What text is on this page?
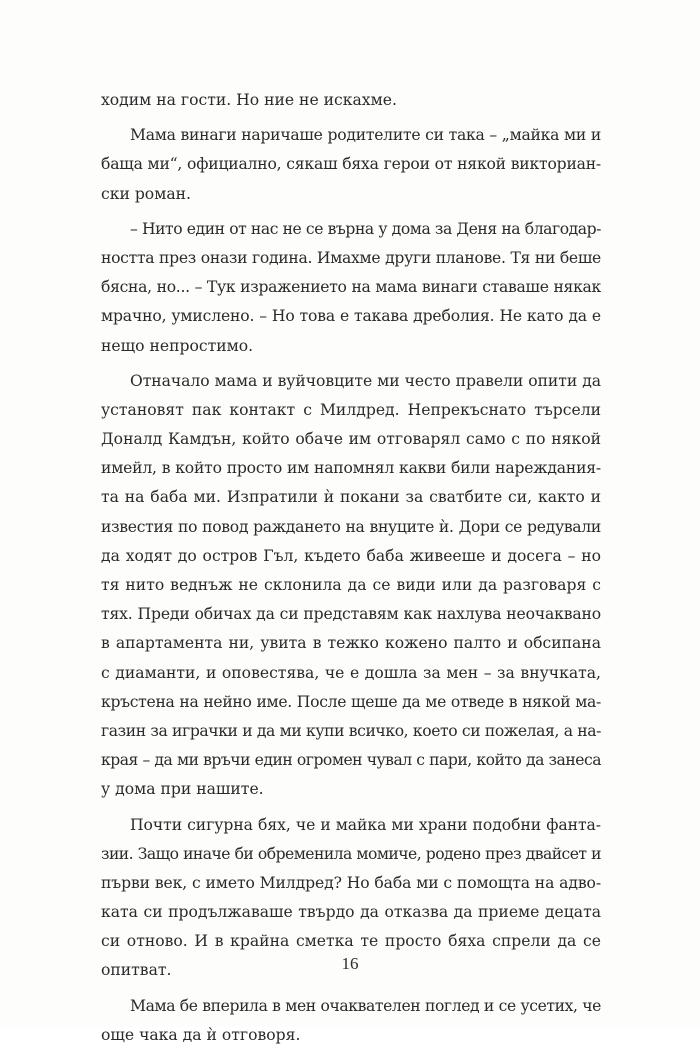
ходим на гости. Но ние не искахме.
Мама винаги наричаше родителите си така – „майка ми и
баща ми“, официално, сякаш бяха герои от някой викториан-
ски роман.
– Нито един от нас не се върна у дома за Деня на благодар-
ността през онази година. Имахме други планове. Тя ни беше
бясна, но... – Тук изражението на мама винаги ставаше някак
мрачно, умислено. – Но това е такава дреболия. Не като да е
нещо непростимо.
Отначало мама и вуйчовците ми често правели опити да
установят пак контакт с Милдред. Непрекъснато търсели
Доналд Камдън, който обаче им отговарял само с по някой
имейл, в който просто им напомнял какви били нареждания-
та на баба ми. Изпратили ѝ покани за сватбите си, както и
известия по повод раждането на внуците ѝ. Дори се редували
да ходят до остров Гъл, където баба живееше и досега – но
тя нито веднъж не склонила да се види или да разговаря с
тях. Преди обичах да си представям как нахлува неочаквано
в апартамента ни, увита в тежко кожено палто и обсипана
с диаманти, и оповестява, че е дошла за мен – за внучката,
кръстена на нейно име. После щеше да ме отведе в някой ма-
газин за играчки и да ми купи всичко, което си пожелая, а на-
края – да ми връчи един огромен чувал с пари, който да занеса
у дома при нашите.
Почти сигурна бях, че и майка ми храни подобни фанта-
зии. Защо иначе би обременила момиче, родено през двайсет и
първи век, с името Милдред? Но баба ми с помощта на адво-
ката си продължаваше твърдо да отказва да приеме децата
си отново. И в крайна сметка те просто бяха спрели да се
опитват.
Мама бе вперила в мен очаквателен поглед и се усетих, че
още чака да ѝ отговоря.
16
